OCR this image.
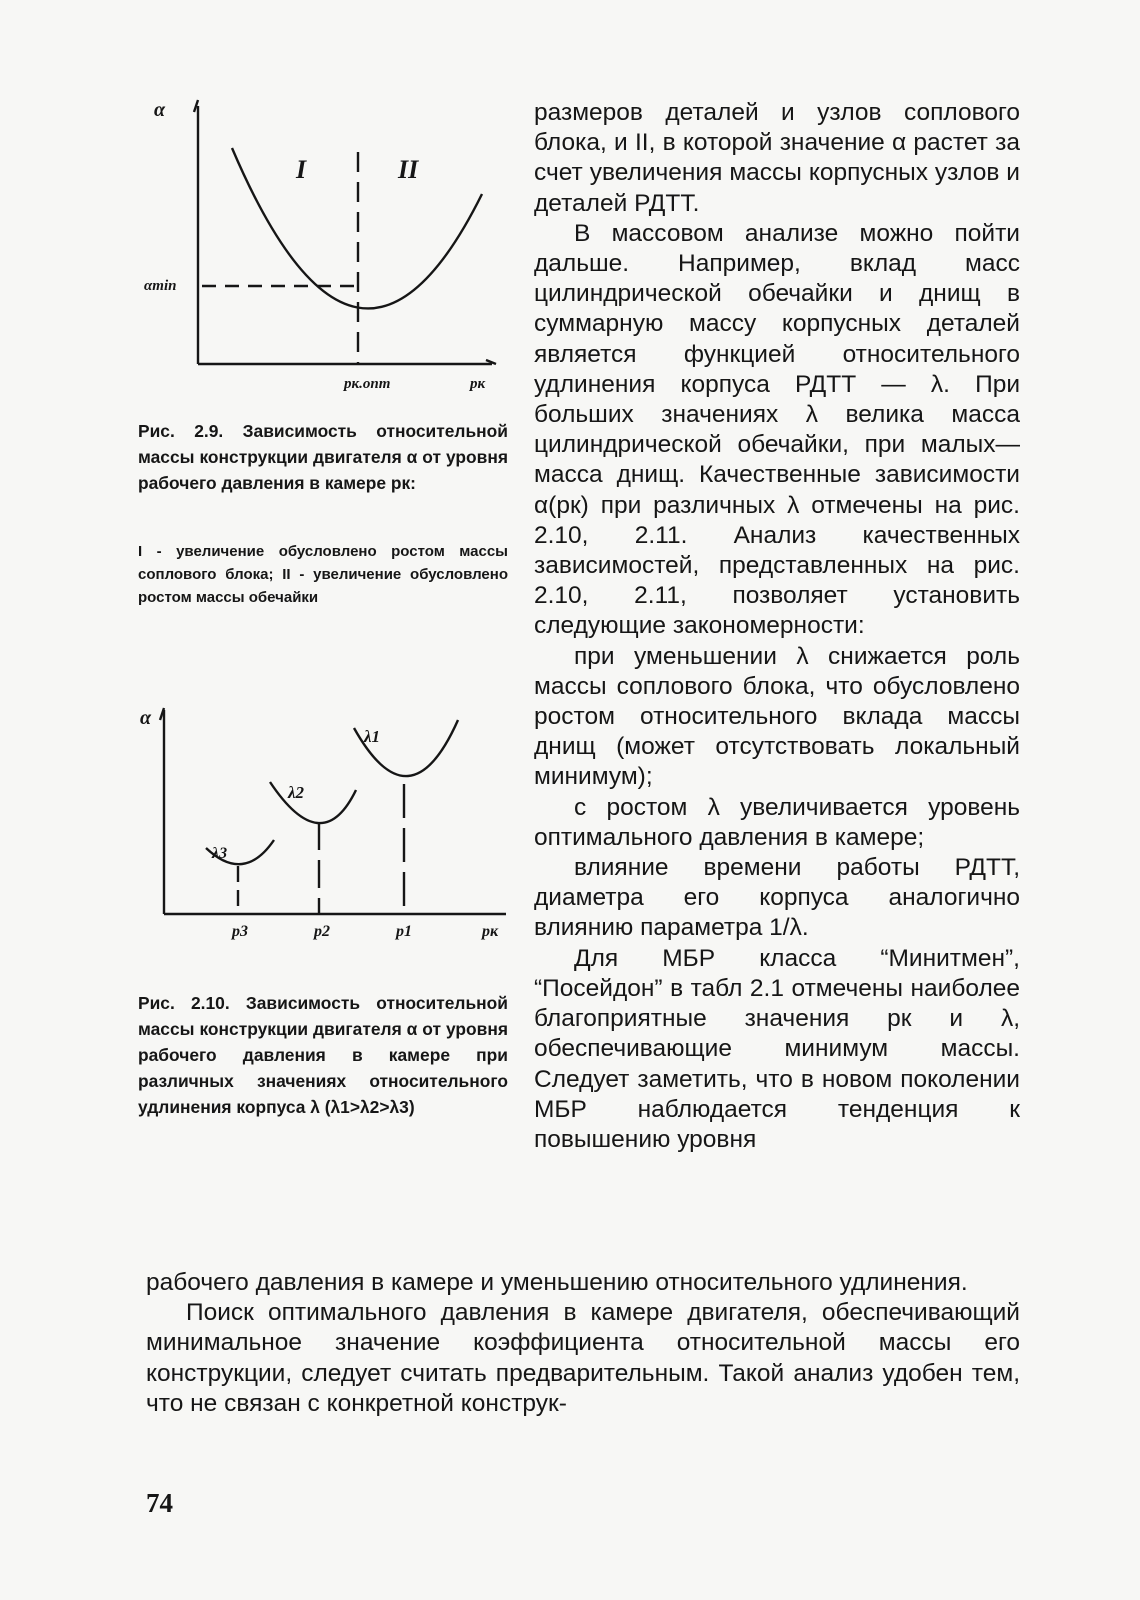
α
I	II
αmin
pк.опт	pк

Рис. 2.9. Зависимость относительной массы конструкции двигателя α от уровня рабочего давления в камере pк:

I - увеличение обусловлено ростом массы соплового блока; II - увеличение обусловлено ростом массы обечайки

α
λ1
λ2
λ3
p3	p2	p1	pк

Рис. 2.10. Зависимость относительной массы конструкции двигателя α от уровня рабочего давления в камере при различных значениях относительного удлинения корпуса λ (λ1>λ2>λ3)

размеров деталей и узлов соплового блока, и II, в которой значение α растет за счет увеличения массы корпусных узлов и деталей РДТТ.

В массовом анализе можно пойти дальше. Например, вклад масс цилиндрической обечайки и днищ в суммарную массу корпусных деталей является функцией относительного удлинения корпуса РДТТ — λ. При больших значениях λ велика масса цилиндрической обечайки, при малых— масса днищ. Качественные зависимости α(pк) при различных λ отмечены на рис. 2.10, 2.11. Анализ качественных зависимостей, представленных на рис. 2.10, 2.11, позволяет установить следующие закономерности:

при уменьшении λ снижается роль массы соплового блока, что обусловлено ростом относительного вклада массы днищ (может отсутствовать локальный минимум);

с ростом λ увеличивается уровень оптимального давления в камере;

влияние времени работы РДТТ, диаметра его корпуса аналогично влиянию параметра 1/λ.

Для МБР класса “Минитмен”, “Посейдон” в табл 2.1 отмечены наиболее благоприятные значения pк и λ, обеспечивающие минимум массы. Следует заметить, что в новом поколении МБР наблюдается тенденция к повышению уровня

рабочего давления в камере и уменьшению относительного удлинения.

Поиск оптимального давления в камере двигателя, обеспечивающий минимальное значение коэффициента относительной массы его конструкции, следует считать предварительным. Такой анализ удобен тем, что не связан с конкретной конструк-

74
